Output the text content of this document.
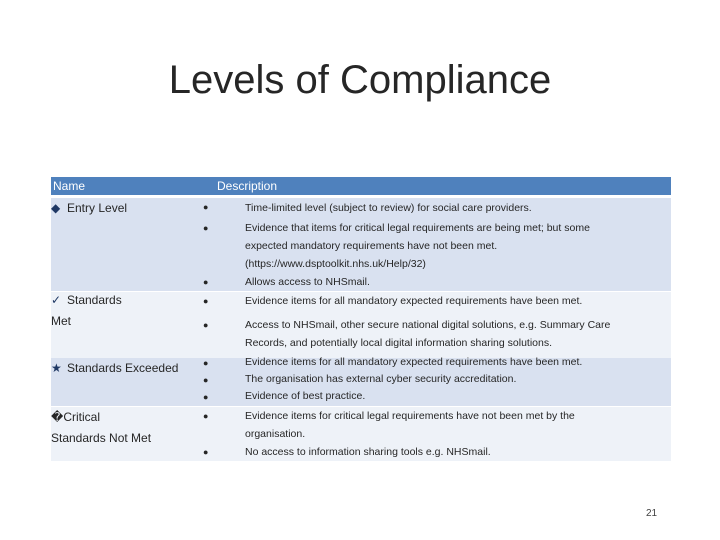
Levels of Compliance
Name	Description
◆ Entry Level	●	Time-limited level (subject to review) for social care providers.
●	Evidence that items for critical legal requirements are being met; but some expected mandatory requirements have not been met. (https://www.dsptoolkit.nhs.uk/Help/32)
●	Allows access to NHSmail.
✓ Standards
Met
●	Evidence items for all mandatory expected requirements have been met.
●	Access to NHSmail, other secure national digital solutions, e.g. Summary Care Records, and potentially local digital information sharing solutions.
★ Standards Exceeded	●	Evidence items for all mandatory expected requirements have been met.
●	The organisation has external cyber security accreditation.
●	Evidence of best practice.
�Critical
Standards Not Met
●	Evidence items for critical legal requirements have not been met by the organisation.
●	No access to information sharing tools e.g. NHSmail.
21
